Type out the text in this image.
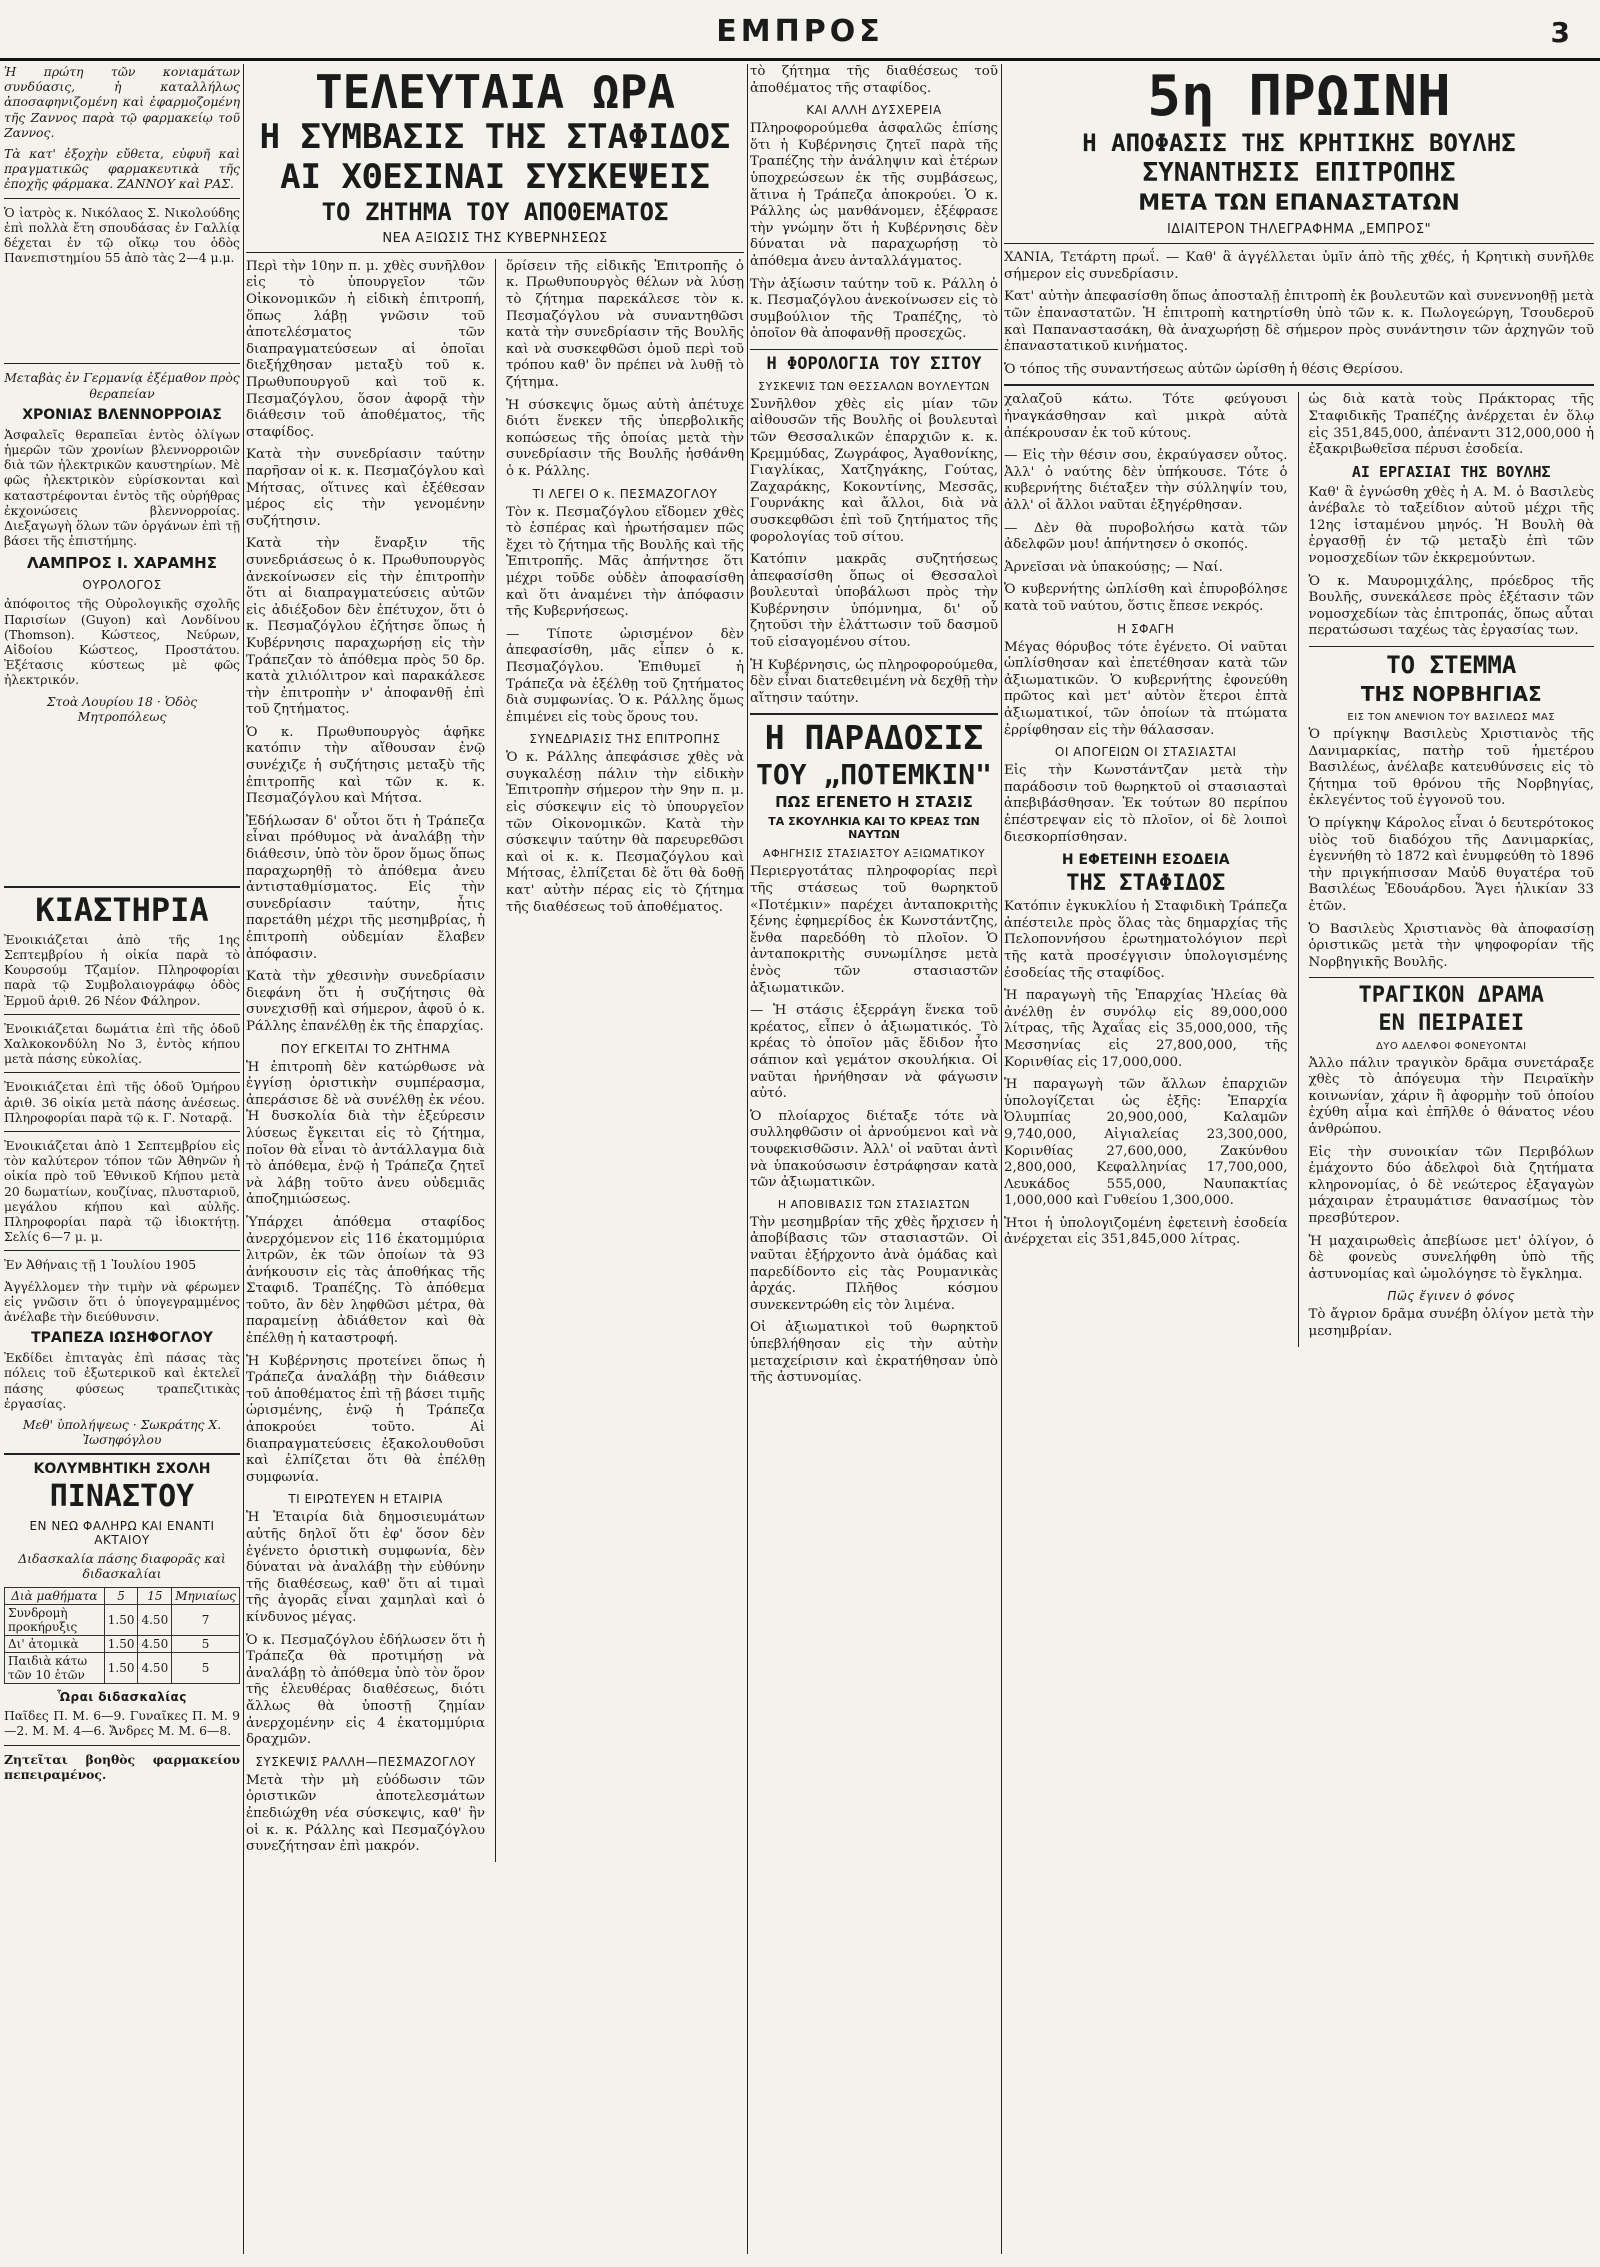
ΕΜΠΡΟΣ	3

Ἡ πρώτη τῶν κονιαμάτων συνδύασις, ἡ καταλλήλως ἀποσαφηνιζομένη καὶ ἐφαρμοζομένη τῆς Ζαννος παρὰ τῷ φαρμακείῳ τοῦ Ζαννος.

Τὰ κατ' ἐξοχὴν εὔθετα, εὐφυῆ καὶ πραγματικῶς φαρμακευτικὰ τῆς ἐποχῆς φάρμακα. ΖΑΝΝΟΥ καὶ ΡΑΣ.

Ὁ ἰατρὸς κ. Νικόλαος Σ. Νικολούδης ἐπὶ πολλὰ ἔτη σπουδάσας ἐν Γαλλίᾳ δέχεται ἐν τῷ οἴκῳ του ὁδὸς Πανεπιστημίου 55 ἀπὸ τὰς 2—4 μ.μ.

Μεταβὰς ἐν Γερμανίᾳ ἐξέμαθον πρὸς θεραπείαν

ΧΡΟΝΙΑΣ ΒΛΕΝΝΟΡΡΟΙΑΣ

Ἀσφαλεῖς θεραπεῖαι ἐντὸς ὀλίγων ἡμερῶν τῶν χρονίων βλεννορροιῶν διὰ τῶν ἠλεκτρικῶν καυστηρίων. Μὲ φῶς ἠλεκτρικὸν εὑρίσκονται καὶ καταστρέφονται ἐντὸς τῆς οὐρήθρας ἐκχονώσεις βλεννορροίας. Διεξαγωγὴ ὅλων τῶν ὀργάνων ἐπὶ τῇ βάσει τῆς ἐπιστήμης.

ΛΑΜΠΡΟΣ Ι. ΧΑΡΑΜΗΣ
ΟΥΡΟΛΟΓΟΣ

ἀπόφοιτος τῆς Οὐρολογικῆς σχολῆς Παρισίων (Guyon) καὶ Λονδίνου (Thomson). Κώστεος, Νεύρων, Αἰδοίου Κώστεος, Προστάτου. Ἐξέτασις κύστεως μὲ φῶς ἠλεκτρικόν.

Στοὰ Λουρίου 18 · Ὁδὸς Μητροπόλεως

ΚΙΑΣΤΗΡΙΑ

Ἐνοικιάζεται ἀπὸ τῆς 1ης Σεπτεμβρίου ἡ οἰκία παρὰ τὸ Κουρσούμ Τζαμίον. Πληροφορίαι παρὰ τῷ Συμβολαιογράφῳ ὁδὸς Ἑρμοῦ ἀριθ. 26 Νέον Φάληρον.

Ἐνοικιάζεται δωμάτια ἐπὶ τῆς ὁδοῦ Χαλκοκονδύλη Νο 3, ἐντὸς κήπου μετὰ πάσης εὐκολίας.

Ἐνοικιάζεται ἐπὶ τῆς ὁδοῦ Ὁμήρου ἀριθ. 36 οἰκία μετὰ πάσης ἀνέσεως. Πληροφορίαι παρὰ τῷ κ. Γ. Νοταρᾷ.

Ἐνοικιάζεται ἀπὸ 1 Σεπτεμβρίου εἰς τὸν καλύτερον τόπον τῶν Ἀθηνῶν ἡ οἰκία πρὸ τοῦ Ἐθνικοῦ Κήπου μετὰ 20 δωματίων, κουζίνας, πλυσταριοῦ, μεγάλου κήπου καὶ αὐλῆς. Πληροφορίαι παρὰ τῷ ἰδιοκτήτῃ. Σελίς 6—7 μ. μ.

Ἐν Ἀθήναις τῇ 1 Ἰουλίου 1905

Ἀγγέλλομεν τὴν τιμὴν νὰ φέρωμεν εἰς γνῶσιν ὅτι ὁ ὑπογεγραμμένος ἀνέλαβε τὴν διεύθυνσιν.

ΤΡΑΠΕΖΑ ΙΩΣΗΦΟΓΛΟΥ

Ἐκδίδει ἐπιταγὰς ἐπὶ πάσας τὰς πόλεις τοῦ ἐξωτερικοῦ καὶ ἐκτελεῖ πάσης φύσεως τραπεζιτικὰς ἐργασίας.

Μεθ' ὑπολήψεως · Σωκράτης Χ. Ἰωσηφόγλου

ΚΟΛΥΜΒΗΤΙΚΗ ΣΧΟΛΗ
ΠΙΝΑΣΤΟΥ
ΕΝ ΝΕΩ ΦΑΛΗΡΩ ΚΑΙ ΕΝΑΝΤΙ ΑΚΤΑΙΟΥ

Διδασκαλία πάσης διαφορᾶς καὶ διδασκαλίαι

Διὰ μαθήματα	5	15	Μηνιαίως
Συνδρομὴ προκήρυξις	1.50	4.50	7
Δι' ἀτομικὰ	1.50	4.50	5
Παιδιὰ κάτω τῶν 10 ἐτῶν	1.50	4.50	5
Ὧραι διδασκαλίας

Παῖδες Π. Μ. 6—9. Γυναῖκες Π. Μ. 9—2. Μ. Μ. 4—6. Ἄνδρες Μ. Μ. 6—8.

Ζητεῖται βοηθὸς φαρμακείου πεπειραμένος.

ΤΕΛΕΥΤΑΙΑ ΩΡΑ
Η ΣΥΜΒΑΣΙΣ ΤΗΣ ΣΤΑΦΙΔΟΣ
ΑΙ ΧΘΕΣΙΝΑΙ ΣΥΣΚΕΨΕΙΣ
ΤΟ ΖΗΤΗΜΑ ΤΟΥ ΑΠΟΘΕΜΑΤΟΣ
ΝΕΑ ΑΞΙΩΣΙΣ ΤΗΣ ΚΥΒΕΡΝΗΣΕΩΣ

Περὶ τὴν 10ην π. μ. χθὲς συνῆλθον εἰς τὸ ὑπουργεῖον τῶν Οἰκονομικῶν ἡ εἰδικὴ ἐπιτροπή, ὅπως λάβῃ γνῶσιν τοῦ ἀποτελέσματος τῶν διαπραγματεύσεων αἱ ὁποῖαι διεξήχθησαν μεταξὺ τοῦ κ. Πρωθυπουργοῦ καὶ τοῦ κ. Πεσμαζόγλου, ὅσον ἀφορᾷ τὴν διάθεσιν τοῦ ἀποθέματος, τῆς σταφίδος.

Κατὰ τὴν συνεδρίασιν ταύτην παρῆσαν οἱ κ. κ. Πεσμαζόγλου καὶ Μήτσας, οἵτινες καὶ ἐξέθεσαν μέρος εἰς τὴν γενομένην συζήτησιν.

Κατὰ τὴν ἔναρξιν τῆς συνεδριάσεως ὁ κ. Πρωθυπουργὸς ἀνεκοίνωσεν εἰς τὴν ἐπιτροπὴν ὅτι αἱ διαπραγματεύσεις αὐτῶν εἰς ἀδιέξοδον δὲν ἐπέτυχον, ὅτι ὁ κ. Πεσμαζόγλου ἐζήτησε ὅπως ἡ Κυβέρνησις παραχωρήσῃ εἰς τὴν Τράπεζαν τὸ ἀπόθεμα πρὸς 50 δρ. κατὰ χιλιόλιτρον καὶ παρακάλεσε τὴν ἐπιτροπὴν ν' ἀποφανθῇ ἐπὶ τοῦ ζητήματος.

Ὁ κ. Πρωθυπουργὸς ἀφῆκε κατόπιν τὴν αἴθουσαν ἐνῷ συνέχιζε ἡ συζήτησις μεταξὺ τῆς ἐπιτροπῆς καὶ τῶν κ. κ. Πεσμαζόγλου καὶ Μήτσα.

Ἐδήλωσαν δ' οὗτοι ὅτι ἡ Τράπεζα εἶναι πρόθυμος νὰ ἀναλάβῃ τὴν διάθεσιν, ὑπὸ τὸν ὅρον ὅμως ὅπως παραχωρηθῇ τὸ ἀπόθεμα ἀνευ ἀντισταθμίσματος. Εἰς τὴν συνεδρίασιν ταύτην, ἦτις παρετάθη μέχρι τῆς μεσημβρίας, ἡ ἐπιτροπὴ οὐδεμίαν ἔλαβεν ἀπόφασιν.

Κατὰ τὴν χθεσινὴν συνεδρίασιν διεφάνη ὅτι ἡ συζήτησις θὰ συνεχισθῇ καὶ σήμερον, ἀφοῦ ὁ κ. Ράλλης ἐπανέλθῃ ἐκ τῆς ἐπαρχίας.

ΠΟΥ ΕΓΚΕΙΤΑΙ ΤΟ ΖΗΤΗΜΑ

Ἡ ἐπιτροπὴ δὲν κατώρθωσε νὰ ἐγγίσῃ ὁριστικὴν συμπέρασμα, ἀπεράσισε δὲ νὰ συνέλθῃ ἐκ νέου. Ἡ δυσκολία διὰ τὴν ἐξεύρεσιν λύσεως ἔγκειται εἰς τὸ ζήτημα, ποῖον θὰ εἶναι τὸ ἀντάλλαγμα διὰ τὸ ἀπόθεμα, ἐνῷ ἡ Τράπεζα ζητεῖ νὰ λάβῃ τοῦτο ἀνευ οὐδεμιᾶς ἀποζημιώσεως.

Ὑπάρχει ἀπόθεμα σταφίδος ἀνερχόμενον εἰς 116 ἑκατομμύρια λιτρῶν, ἐκ τῶν ὁποίων τὰ 93 ἀνήκουσιν εἰς τὰς ἀποθήκας τῆς Σταφιδ. Τραπέζης. Τὸ ἀπόθεμα τοῦτο, ἂν δὲν ληφθῶσι μέτρα, θὰ παραμείνῃ ἀδιάθετον καὶ θὰ ἐπέλθῃ ἡ καταστροφή.

Ἡ Κυβέρνησις προτείνει ὅπως ἡ Τράπεζα ἀναλάβῃ τὴν διάθεσιν τοῦ ἀποθέματος ἐπὶ τῇ βάσει τιμῆς ὡρισμένης, ἐνῷ ἡ Τράπεζα ἀποκρούει τοῦτο. Αἱ διαπραγματεύσεις ἐξακολουθοῦσι καὶ ἐλπίζεται ὅτι θὰ ἐπέλθῃ συμφωνία.

ΤΙ ΕΙΡΩΤΕΥΕΝ Η ΕΤΑΙΡΙΑ

Ἡ Ἑταιρία διὰ δημοσιευμάτων αὐτῆς δηλοῖ ὅτι ἐφ' ὅσον δὲν ἐγένετο ὁριστικὴ συμφωνία, δὲν δύναται νὰ ἀναλάβῃ τὴν εὐθύνην τῆς διαθέσεως, καθ' ὅτι αἱ τιμαὶ τῆς ἀγορᾶς εἶναι χαμηλαὶ καὶ ὁ κίνδυνος μέγας.

Ὁ κ. Πεσμαζόγλου ἐδήλωσεν ὅτι ἡ Τράπεζα θὰ προτιμήσῃ νὰ ἀναλάβῃ τὸ ἀπόθεμα ὑπὸ τὸν ὅρον τῆς ἐλευθέρας διαθέσεως, διότι ἄλλως θὰ ὑποστῇ ζημίαν ἀνερχομένην εἰς 4 ἑκατομμύρια δραχμῶν.

ΣΥΣΚΕΨΙΣ ΡΑΛΛΗ—ΠΕΣΜΑΖΟΓΛΟΥ

Μετὰ τὴν μὴ εὐόδωσιν τῶν ὁριστικῶν ἀποτελεσμάτων ἐπεδιώχθη νέα σύσκεψις, καθ' ἣν οἱ κ. κ. Ράλλης καὶ Πεσμαζόγλου συνεζήτησαν ἐπὶ μακρόν.

ὅρίσειν τῆς εἰδικῆς Ἐπιτροπῆς ὁ κ. Πρωθυπουργὸς θέλων νὰ λύσῃ τὸ ζήτημα παρεκάλεσε τὸν κ. Πεσμαζόγλου νὰ συναντηθῶσι κατὰ τὴν συνεδρίασιν τῆς Βουλῆς καὶ νὰ συσκεφθῶσι ὁμοῦ περὶ τοῦ τρόπου καθ' ὃν πρέπει νὰ λυθῇ τὸ ζήτημα.

Ἡ σύσκεψις ὅμως αὐτὴ ἀπέτυχε διότι ἕνεκεν τῆς ὑπερβολικῆς κοπώσεως τῆς ὁποίας μετὰ τὴν συνεδρίασιν τῆς Βουλῆς ἠσθάνθη ὁ κ. Ράλλης.

ΤΙ ΛΕΓΕΙ Ο κ. ΠΕΣΜΑΖΟΓΛΟΥ

Τὸν κ. Πεσμαζόγλου εἴδομεν χθὲς τὸ ἑσπέρας καὶ ἠρωτήσαμεν πῶς ἔχει τὸ ζήτημα τῆς Βουλῆς καὶ τῆς Ἐπιτροπῆς. Μᾶς ἀπήντησε ὅτι μέχρι τοῦδε οὐδὲν ἀποφασίσθη καὶ ὅτι ἀναμένει τὴν ἀπόφασιν τῆς Κυβερνήσεως.

— Τίποτε ὡρισμένον δὲν ἀπεφασίσθη, μᾶς εἶπεν ὁ κ. Πεσμαζόγλου. Ἐπιθυμεῖ ἡ Τράπεζα νὰ ἐξέλθῃ τοῦ ζητήματος διὰ συμφωνίας. Ὁ κ. Ράλλης ὅμως ἐπιμένει εἰς τοὺς ὅρους του.

ΣΥΝΕΔΡΙΑΣΙΣ ΤΗΣ ΕΠΙΤΡΟΠΗΣ

Ὁ κ. Ράλλης ἀπεφάσισε χθὲς νὰ συγκαλέσῃ πάλιν τὴν εἰδικὴν Ἐπιτροπὴν σήμερον τὴν 9ην π. μ. εἰς σύσκεψιν εἰς τὸ ὑπουργεῖον τῶν Οἰκονομικῶν. Κατὰ τὴν σύσκεψιν ταύτην θὰ παρευρεθῶσι καὶ οἱ κ. κ. Πεσμαζόγλου καὶ Μήτσας, ἐλπίζεται δὲ ὅτι θὰ δοθῇ κατ' αὐτὴν πέρας εἰς τὸ ζήτημα τῆς διαθέσεως τοῦ ἀποθέματος.

τὸ ζήτημα τῆς διαθέσεως τοῦ ἀποθέματος τῆς σταφίδος.

ΚΑΙ ΑΛΛΗ ΔΥΣΧΕΡΕΙΑ

Πληροφορούμεθα ἀσφαλῶς ἐπίσης ὅτι ἡ Κυβέρνησις ζητεῖ παρὰ τῆς Τραπέζης τὴν ἀνάληψιν καὶ ἑτέρων ὑποχρεώσεων ἐκ τῆς συμβάσεως, ἅτινα ἡ Τράπεζα ἀποκρούει. Ὁ κ. Ράλλης ὡς μανθάνομεν, ἐξέφρασε τὴν γνώμην ὅτι ἡ Κυβέρνησις δὲν δύναται νὰ παραχωρήσῃ τὸ ἀπόθεμα ἀνευ ἀνταλλάγματος.

Τὴν ἀξίωσιν ταύτην τοῦ κ. Ράλλη ὁ κ. Πεσμαζόγλου ἀνεκοίνωσεν εἰς τὸ συμβούλιον τῆς Τραπέζης, τὸ ὁποῖον θὰ ἀποφανθῇ προσεχῶς.

Η ΦΟΡΟΛΟΓΙΑ ΤΟΥ ΣΙΤΟΥ
ΣΥΣΚΕΨΙΣ ΤΩΝ ΘΕΣΣΑΛΩΝ ΒΟΥΛΕΥΤΩΝ

Συνῆλθον χθὲς εἰς μίαν τῶν αἰθουσῶν τῆς Βουλῆς οἱ βουλευταὶ τῶν Θεσσαλικῶν ἐπαρχιῶν κ. κ. Κρεμμύδας, Ζωγράφος, Ἀγαθονίκης, Γιαγλίκας, Χατζηγάκης, Γούτας, Ζαχαράκης, Κοκοντίνης, Μεσσᾶς, Γουρνάκης καὶ ἄλλοι, διὰ νὰ συσκεφθῶσι ἐπὶ τοῦ ζητήματος τῆς φορολογίας τοῦ σίτου.

Κατόπιν μακρᾶς συζητήσεως ἀπεφασίσθη ὅπως οἱ Θεσσαλοὶ βουλευταὶ ὑποβάλωσι πρὸς τὴν Κυβέρνησιν ὑπόμνημα, δι' οὗ ζητοῦσι τὴν ἐλάττωσιν τοῦ δασμοῦ τοῦ εἰσαγομένου σίτου.

Ἡ Κυβέρνησις, ὡς πληροφορούμεθα, δὲν εἶναι διατεθειμένη νὰ δεχθῇ τὴν αἴτησιν ταύτην.

Η ΠΑΡΑΔΟΣΙΣ
ΤΟΥ „ΠΟΤΕΜΚΙΝ"
ΠΩΣ ΕΓΕΝΕΤΟ Η ΣΤΑΣΙΣ
ΤΑ ΣΚΟΥΛΗΚΙΑ ΚΑΙ ΤΟ ΚΡΕΑΣ ΤΩΝ ΝΑΥΤΩΝ
ΑΦΗΓΗΣΙΣ ΣΤΑΣΙΑΣΤΟΥ ΑΞΙΩΜΑΤΙΚΟΥ

Περιεργοτάτας πληροφορίας περὶ τῆς στάσεως τοῦ θωρηκτοῦ «Ποτέμκιν» παρέχει ἀνταποκριτὴς ξένης ἐφημερίδος ἐκ Κωνστάντζης, ἔνθα παρεδόθη τὸ πλοῖον. Ὁ ἀνταποκριτὴς συνωμίλησε μετὰ ἑνὸς τῶν στασιαστῶν ἀξιωματικῶν.

— Ἡ στάσις ἐξερράγη ἕνεκα τοῦ κρέατος, εἶπεν ὁ ἀξιωματικός. Τὸ κρέας τὸ ὁποῖον μᾶς ἔδιδον ἦτο σάπιον καὶ γεμάτον σκουλήκια. Οἱ ναῦται ἠρνήθησαν νὰ φάγωσιν αὐτό.

Ὁ πλοίαρχος διέταξε τότε νὰ συλληφθῶσιν οἱ ἀρνούμενοι καὶ νὰ τουφεκισθῶσιν. Ἀλλ' οἱ ναῦται ἀντὶ νὰ ὑπακούσωσιν ἐστράφησαν κατὰ τῶν ἀξιωματικῶν.

Η ΑΠΟΒΙΒΑΣΙΣ ΤΩΝ ΣΤΑΣΙΑΣΤΩΝ

Τὴν μεσημβρίαν τῆς χθὲς ἤρχισεν ἡ ἀποβίβασις τῶν στασιαστῶν. Οἱ ναῦται ἐξήρχοντο ἀνὰ ὁμάδας καὶ παρεδίδοντο εἰς τὰς Ρουμανικὰς ἀρχάς. Πλῆθος κόσμου συνεκεντρώθη εἰς τὸν λιμένα.

Οἱ ἀξιωματικοὶ τοῦ θωρηκτοῦ ὑπεβλήθησαν εἰς τὴν αὐτὴν μεταχείρισιν καὶ ἐκρατήθησαν ὑπὸ τῆς ἀστυνομίας.

5η ΠΡΩΙΝΗ
Η ΑΠΟΦΑΣΙΣ ΤΗΣ ΚΡΗΤΙΚΗΣ ΒΟΥΛΗΣ
ΣΥΝΑΝΤΗΣΙΣ ΕΠΙΤΡΟΠΗΣ
ΜΕΤΑ ΤΩΝ ΕΠΑΝΑΣΤΑΤΩΝ
ΙΔΙΑΙΤΕΡΟΝ ΤΗΛΕΓΡΑΦΗΜΑ „ΕΜΠΡΟΣ"

ΧΑΝΙΑ, Τετάρτη πρωΐ. — Καθ' ἃ ἀγγέλλεται ὑμῖν ἀπὸ τῆς χθές, ἡ Κρητικὴ συνῆλθε σήμερον εἰς συνεδρίασιν.

Κατ' αὐτὴν ἀπεφασίσθη ὅπως ἀποσταλῇ ἐπιτροπὴ ἐκ βουλευτῶν καὶ συνεννοηθῇ μετὰ τῶν ἐπαναστατῶν. Ἡ ἐπιτροπὴ κατηρτίσθη ὑπὸ τῶν κ. κ. Πωλογεώργη, Τσουδεροῦ καὶ Παπαναστασάκη, θὰ ἀναχωρήσῃ δὲ σήμερον πρὸς συνάντησιν τῶν ἀρχηγῶν τοῦ ἐπαναστατικοῦ κινήματος.

Ὁ τόπος τῆς συναντήσεως αὐτῶν ὡρίσθη ἡ θέσις Θερίσου.

χαλαζοῦ κάτω. Τότε φεύγουσι ἠναγκάσθησαν καὶ μικρὰ αὐτὰ ἀπέκρουσαν ἐκ τοῦ κύτους.

— Εἰς τὴν θέσιν σου, ἐκραύγασεν οὗτος. Ἀλλ' ὁ ναύτης δὲν ὑπήκουσε. Τότε ὁ κυβερνήτης διέταξεν τὴν σύλληψίν του, ἀλλ' οἱ ἄλλοι ναῦται ἐξηγέρθησαν.

— Δὲν θὰ πυροβολήσω κατὰ τῶν ἀδελφῶν μου! ἀπήντησεν ὁ σκοπός.

Ἀρνεῖσαι νὰ ὑπακούσῃς; — Ναί.

Ὁ κυβερνήτης ὡπλίσθη καὶ ἐπυροβόλησε κατὰ τοῦ ναύτου, ὅστις ἔπεσε νεκρός.

Η ΣΦΑΓΗ

Μέγας θόρυβος τότε ἐγένετο. Οἱ ναῦται ὡπλίσθησαν καὶ ἐπετέθησαν κατὰ τῶν ἀξιωματικῶν. Ὁ κυβερνήτης ἐφονεύθη πρῶτος καὶ μετ' αὐτὸν ἕτεροι ἑπτὰ ἀξιωματικοί, τῶν ὁποίων τὰ πτώματα ἐρρίφθησαν εἰς τὴν θάλασσαν.

ΟΙ ΑΠΟΓΕΙΩΝ ΟΙ ΣΤΑΣΙΑΣΤΑΙ

Εἰς τὴν Κωνστάντζαν μετὰ τὴν παράδοσιν τοῦ θωρηκτοῦ οἱ στασιασταὶ ἀπεβιβάσθησαν. Ἐκ τούτων 80 περίπου ἐπέστρεψαν εἰς τὸ πλοῖον, οἱ δὲ λοιποὶ διεσκορπίσθησαν.

Η ΕΦΕΤΕΙΝΗ ΕΣΟΔΕΙΑ
ΤΗΣ ΣΤΑΦΙΔΟΣ

Κατόπιν ἐγκυκλίου ἡ Σταφιδικὴ Τράπεζα ἀπέστειλε πρὸς ὅλας τὰς δημαρχίας τῆς Πελοποννήσου ἐρωτηματολόγιον περὶ τῆς κατὰ προσέγγισιν ὑπολογισμένης ἐσοδείας τῆς σταφίδος.

Ἡ παραγωγὴ τῆς Ἐπαρχίας Ἠλείας θὰ ἀνέλθῃ ἐν συνόλῳ εἰς 89,000,000 λίτρας, τῆς Ἀχαΐας εἰς 35,000,000, τῆς Μεσσηνίας εἰς 27,800,000, τῆς Κορινθίας εἰς 17,000,000.

Ἡ παραγωγὴ τῶν ἄλλων ἐπαρχιῶν ὑπολογίζεται ὡς ἑξῆς: Ἐπαρχία Ὀλυμπίας 20,900,000, Καλαμῶν 9,740,000, Αἰγιαλείας 23,300,000, Κορινθίας 27,600,000, Ζακύνθου 2,800,000, Κεφαλληνίας 17,700,000, Λευκάδος 555,000, Ναυπακτίας 1,000,000 καὶ Γυθείου 1,300,000.

Ἡτοι ἡ ὑπολογιζομένη ἐφετεινὴ ἐσοδεία ἀνέρχεται εἰς 351,845,000 λίτρας.

ὡς διὰ κατὰ τοὺς Πράκτορας τῆς Σταφιδικῆς Τραπέζης ἀνέρχεται ἐν ὅλῳ εἰς 351,845,000, ἀπέναντι 312,000,000 ἡ ἐξακριβωθεῖσα πέρυσι ἐσοδεία.

ΑΙ ΕΡΓΑΣΙΑΙ ΤΗΣ ΒΟΥΛΗΣ

Καθ' ἃ ἐγνώσθη χθὲς ἡ Α. Μ. ὁ Βασιλεὺς ἀνέβαλε τὸ ταξείδιον αὐτοῦ μέχρι τῆς 12ης ἰσταμένου μηνός. Ἡ Βουλὴ θὰ ἐργασθῇ ἐν τῷ μεταξὺ ἐπὶ τῶν νομοσχεδίων τῶν ἐκκρεμούντων.

Ὁ κ. Μαυρομιχάλης, πρόεδρος τῆς Βουλῆς, συνεκάλεσε πρὸς ἐξέτασιν τῶν νομοσχεδίων τὰς ἐπιτροπάς, ὅπως αὗται περατώσωσι ταχέως τὰς ἐργασίας των.

ΤΟ ΣΤΕΜΜΑ
ΤΗΣ ΝΟΡΒΗΓΙΑΣ
ΕΙΣ ΤΟΝ ΑΝΕΨΙΟΝ ΤΟΥ ΒΑΣΙΛΕΩΣ ΜΑΣ

Ὁ πρίγκηψ Βασιλεὺς Χριστιανὸς τῆς Δανιμαρκίας, πατὴρ τοῦ ἡμετέρου Βασιλέως, ἀνέλαβε κατευθύνσεις εἰς τὸ ζήτημα τοῦ θρόνου τῆς Νορβηγίας, ἐκλεγέντος τοῦ ἐγγονοῦ του.

Ὁ πρίγκηψ Κάρολος εἶναι ὁ δευτερότοκος υἱὸς τοῦ διαδόχου τῆς Δανιμαρκίας, ἐγεννήθη τὸ 1872 καὶ ἐνυμφεύθη τὸ 1896 τὴν πριγκήπισσαν Μαὐδ θυγατέρα τοῦ Βασιλέως Ἐδουάρδου. Ἄγει ἡλικίαν 33 ἐτῶν.

Ὁ Βασιλεὺς Χριστιανὸς θὰ ἀποφασίσῃ ὁριστικῶς μετὰ τὴν ψηφοφορίαν τῆς Νορβηγικῆς Βουλῆς.

ΤΡΑΓΙΚΟΝ ΔΡΑΜΑ
ΕΝ ΠΕΙΡΑΙΕΙ
ΔΥΟ ΑΔΕΛΦΟΙ ΦΟΝΕΥΟΝΤΑΙ

Ἀλλο πάλιν τραγικὸν δρᾶμα συνετάραξε χθὲς τὸ ἀπόγευμα τὴν Πειραϊκὴν κοινωνίαν, χάριν ἢ ἀφορμὴν τοῦ ὁποίου ἐχύθη αἷμα καὶ ἐπῆλθε ὁ θάνατος νέου ἀνθρώπου.

Εἰς τὴν συνοικίαν τῶν Περιβόλων ἐμάχοντο δύο ἀδελφοὶ διὰ ζητήματα κληρονομίας, ὁ δὲ νεώτερος ἐξαγαγὼν μάχαιραν ἐτραυμάτισε θανασίμως τὸν πρεσβύτερον.

Ἡ μαχαιρωθεὶς ἀπεβίωσε μετ' ὀλίγον, ὁ δὲ φονεὺς συνελήφθη ὑπὸ τῆς ἀστυνομίας καὶ ὡμολόγησε τὸ ἔγκλημα.

Πῶς ἔγινεν ὁ φόνος

Τὸ ἄγριον δρᾶμα συνέβη ὀλίγον μετὰ τὴν μεσημβρίαν.
